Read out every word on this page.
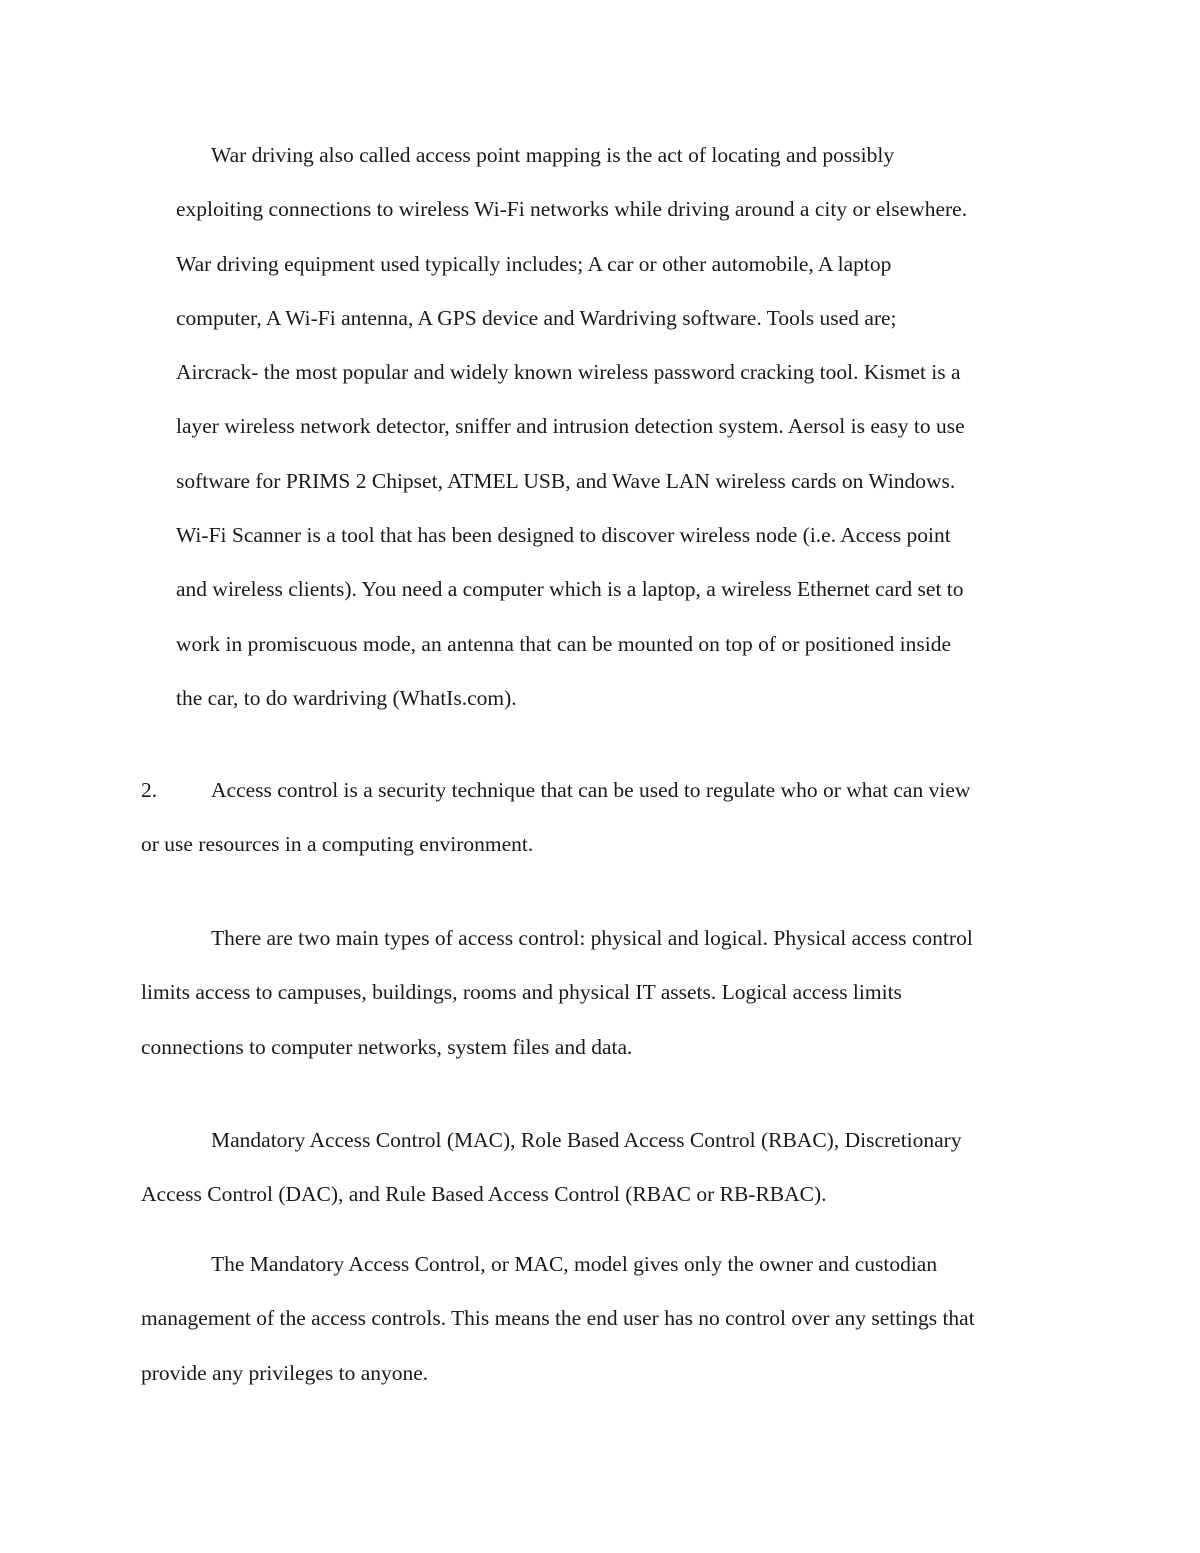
War driving also called access point mapping is the act of locating and possibly
exploiting connections to wireless Wi-Fi networks while driving around a city or elsewhere.
War driving equipment used typically includes; A car or other automobile, A laptop
computer, A Wi-Fi antenna, A GPS device and Wardriving software. Tools used are;
Aircrack- the most popular and widely known wireless password cracking tool. Kismet is a
layer wireless network detector, sniffer and intrusion detection system. Aersol is easy to use
software for PRIMS 2 Chipset, ATMEL USB, and Wave LAN wireless cards on Windows.
Wi-Fi Scanner is a tool that has been designed to discover wireless node (i.e. Access point
and wireless clients). You need a computer which is a laptop, a wireless Ethernet card set to
work in promiscuous mode, an antenna that can be mounted on top of or positioned inside
the car, to do wardriving (WhatIs.com).

2.	Access control is a security technique that can be used to regulate who or what can view
or use resources in a computing environment.

There are two main types of access control: physical and logical. Physical access control
limits access to campuses, buildings, rooms and physical IT assets. Logical access limits
connections to computer networks, system files and data.

Mandatory Access Control (MAC), Role Based Access Control (RBAC), Discretionary
Access Control (DAC), and Rule Based Access Control (RBAC or RB-RBAC).

The Mandatory Access Control, or MAC, model gives only the owner and custodian
management of the access controls. This means the end user has no control over any settings that
provide any privileges to anyone.
